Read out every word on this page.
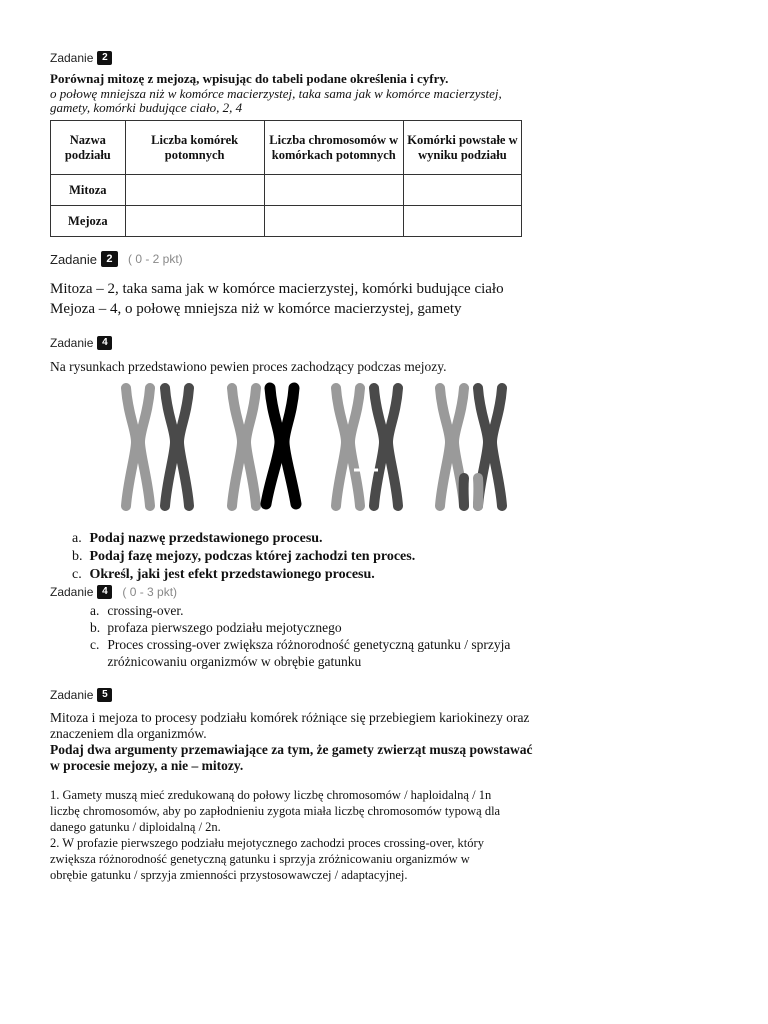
Zadanie 2
Porównaj mitozę z mejozą, wpisując do tabeli podane określenia i cyfry.
o połowę mniejsza niż w komórce macierzystej, taka sama jak w komórce macierzystej,
gamety, komórki budujące ciało, 2, 4
Nazwa podziału	Liczba komórek potomnych	Liczba chromosomów w komórkach potomnych	Komórki powstałe w wyniku podziału
Mitoza			
Mejoza			
Zadanie 2	( 0 - 2 pkt)
Mitoza – 2, taka sama jak w komórce macierzystej, komórki budujące ciało
Mejoza – 4, o połowę mniejsza niż w komórce macierzystej, gamety
Zadanie 4
Na rysunkach przedstawiono pewien proces zachodzący podczas mejozy.
a. Podaj nazwę przedstawionego procesu.
b. Podaj fazę mejozy, podczas której zachodzi ten proces.
c. Określ, jaki jest efekt przedstawionego procesu.
Zadanie 4	( 0 - 3 pkt)
a. crossing-over.
b. profaza pierwszego podziału mejotycznego
c. Proces crossing-over zwiększa różnorodność genetyczną gatunku / sprzyja
zróżnicowaniu organizmów w obrębie gatunku
Zadanie 5
Mitoza i mejoza to procesy podziału komórek różniące się przebiegiem kariokinezy oraz
znaczeniem dla organizmów.
Podaj dwa argumenty przemawiające za tym, że gamety zwierząt muszą powstawać
w procesie mejozy, a nie – mitozy.
1. Gamety muszą mieć zredukowaną do połowy liczbę chromosomów / haploidalną / 1n
liczbę chromosomów, aby po zapłodnieniu zygota miała liczbę chromosomów typową dla
danego gatunku / diploidalną / 2n.
2. W profazie pierwszego podziału mejotycznego zachodzi proces crossing-over, który
zwiększa różnorodność genetyczną gatunku i sprzyja zróżnicowaniu organizmów w
obrębie gatunku / sprzyja zmienności przystosowawczej / adaptacyjnej.
